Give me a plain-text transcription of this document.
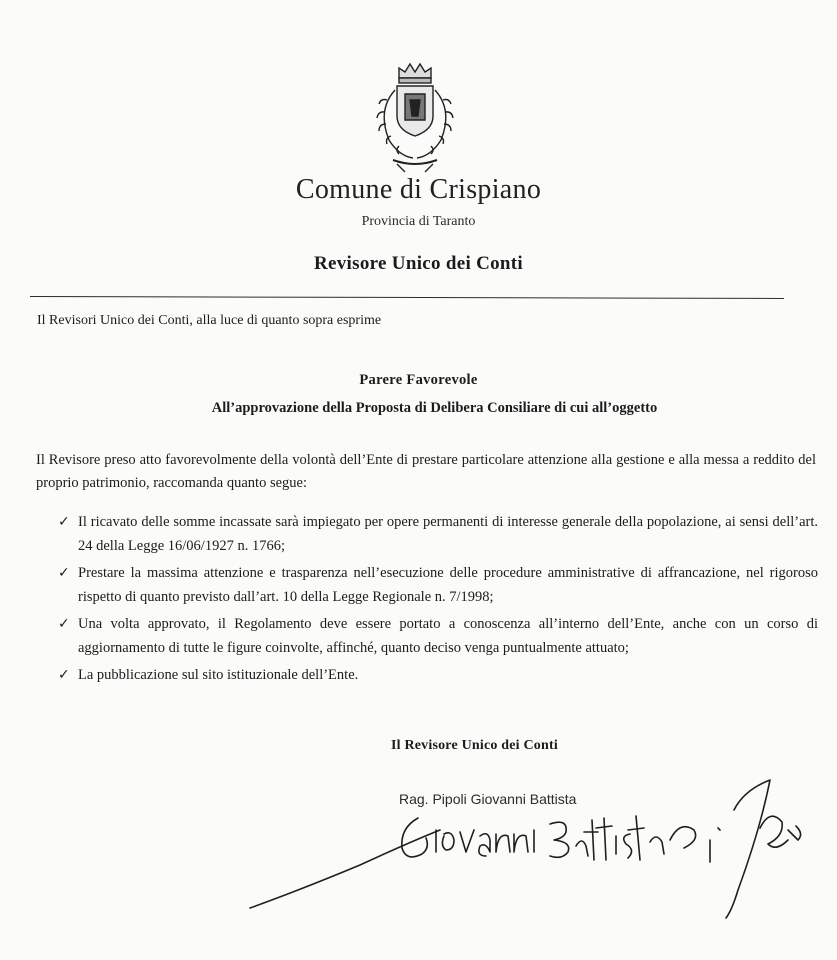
Comune di Crispiano
Provincia di Taranto
Revisore Unico dei Conti
Il Revisori Unico dei Conti, alla luce di quanto sopra esprime
Parere Favorevole
All’approvazione della Proposta di Delibera Consiliare di cui all’oggetto
Il Revisore preso atto favorevolmente della volontà dell’Ente di prestare particolare attenzione alla gestione e alla messa a reddito del proprio patrimonio, raccomanda quanto segue:
✓ Il ricavato delle somme incassate sarà impiegato per opere permanenti di interesse generale della popolazione, ai sensi dell’art. 24 della Legge 16/06/1927 n. 1766;
✓ Prestare la massima attenzione e trasparenza nell’esecuzione delle procedure amministrative di affrancazione, nel rigoroso rispetto di quanto previsto dall’art. 10 della Legge Regionale n. 7/1998;
✓ Una volta approvato, il Regolamento deve essere portato a conoscenza all’interno dell’Ente, anche con un corso di aggiornamento di tutte le figure coinvolte, affinché, quanto deciso venga puntualmente attuato;
✓ La pubblicazione sul sito istituzionale dell’Ente.
Il Revisore Unico dei Conti
Rag. Pipoli Giovanni Battista
